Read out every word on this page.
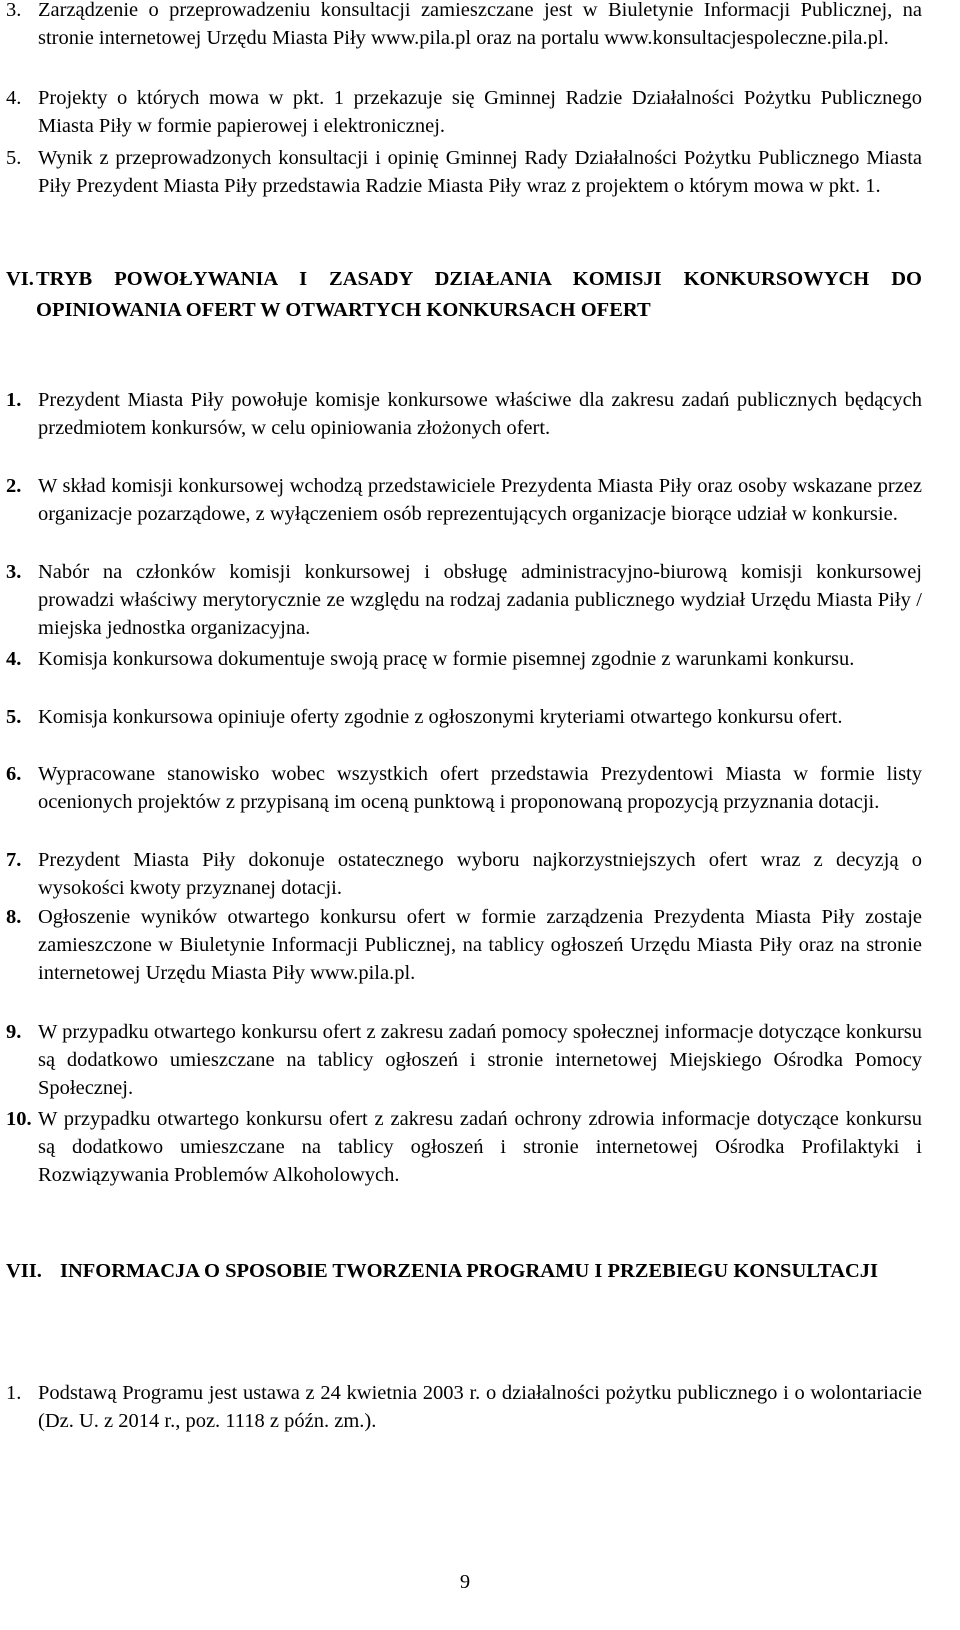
3. Zarządzenie o przeprowadzeniu konsultacji zamieszczane jest w Biuletynie Informacji Publicznej, na stronie internetowej Urzędu Miasta Piły www.pila.pl oraz na portalu www.konsultacjespoleczne.pila.pl.
4. Projekty o których mowa w pkt. 1 przekazuje się Gminnej Radzie Działalności Pożytku Publicznego Miasta Piły w formie papierowej i elektronicznej.
5. Wynik z przeprowadzonych konsultacji i opinię Gminnej Rady Działalności Pożytku Publicznego Miasta Piły Prezydent Miasta Piły przedstawia Radzie Miasta Piły wraz z projektem o którym mowa w pkt. 1.
VI. TRYB POWOŁYWANIA I ZASADY DZIAŁANIA KOMISJI KONKURSOWYCH DO OPINIOWANIA OFERT W OTWARTYCH KONKURSACH OFERT
1. Prezydent Miasta Piły powołuje komisje konkursowe właściwe dla zakresu zadań publicznych będących przedmiotem konkursów, w celu opiniowania złożonych ofert.
2. W skład komisji konkursowej wchodzą przedstawiciele Prezydenta Miasta Piły oraz osoby wskazane przez organizacje pozarządowe, z wyłączeniem osób reprezentujących organizacje biorące udział w konkursie.
3. Nabór na członków komisji konkursowej i obsługę administracyjno-biurową komisji konkursowej prowadzi właściwy merytorycznie ze względu na rodzaj zadania publicznego wydział Urzędu Miasta Piły / miejska jednostka organizacyjna.
4. Komisja konkursowa dokumentuje swoją pracę w formie pisemnej zgodnie z warunkami konkursu.
5. Komisja konkursowa opiniuje oferty zgodnie z ogłoszonymi kryteriami otwartego konkursu ofert.
6. Wypracowane stanowisko wobec wszystkich ofert przedstawia Prezydentowi Miasta w formie listy ocenionych projektów z przypisaną im oceną punktową i proponowaną propozycją przyznania dotacji.
7. Prezydent Miasta Piły dokonuje ostatecznego wyboru najkorzystniejszych ofert wraz z decyzją o wysokości kwoty przyznanej dotacji.
8. Ogłoszenie wyników otwartego konkursu ofert w formie zarządzenia Prezydenta Miasta Piły zostaje zamieszczone w Biuletynie Informacji Publicznej, na tablicy ogłoszeń Urzędu Miasta Piły oraz na stronie internetowej Urzędu Miasta Piły www.pila.pl.
9. W przypadku otwartego konkursu ofert z zakresu zadań pomocy społecznej informacje dotyczące konkursu są dodatkowo umieszczane na tablicy ogłoszeń i stronie internetowej Miejskiego Ośrodka Pomocy Społecznej.
10. W przypadku otwartego konkursu ofert z zakresu zadań ochrony zdrowia informacje dotyczące konkursu są dodatkowo umieszczane na tablicy ogłoszeń i stronie internetowej Ośrodka Profilaktyki i Rozwiązywania Problemów Alkoholowych.
VII. INFORMACJA O SPOSOBIE TWORZENIA PROGRAMU I PRZEBIEGU KONSULTACJI
1. Podstawą Programu jest ustawa z 24 kwietnia 2003 r. o działalności pożytku publicznego i o wolontariacie (Dz. U. z 2014 r., poz. 1118 z późn. zm.).
9
